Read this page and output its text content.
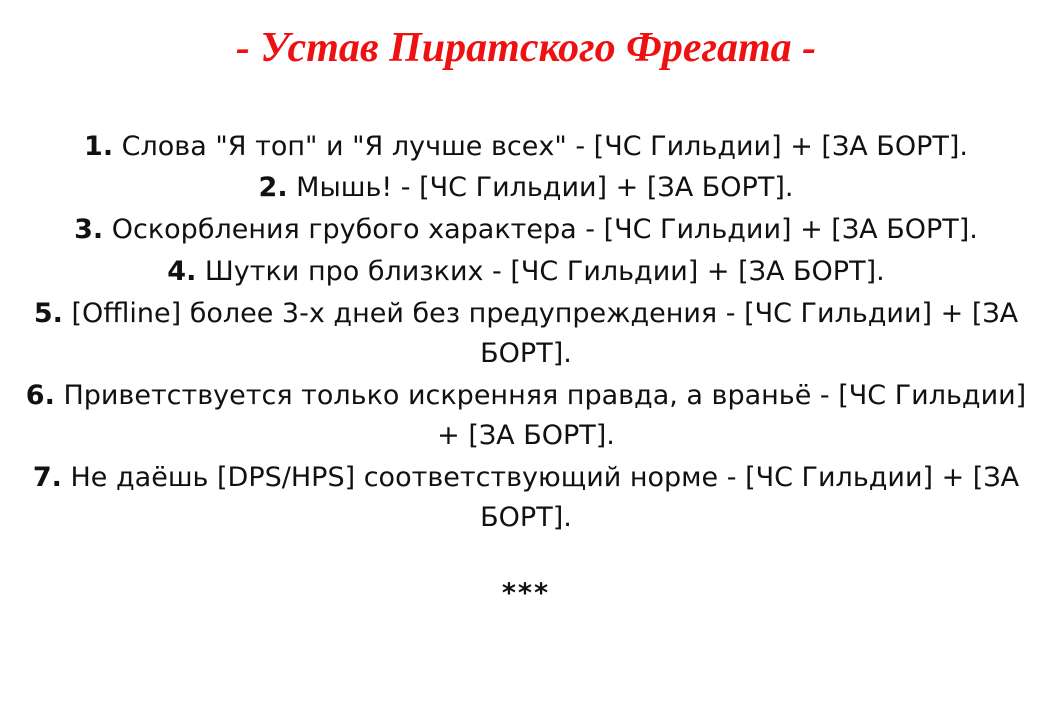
- Устав Пиратского Фрегата -
1. Слова "Я топ" и "Я лучше всех" - [ЧС Гильдии] + [ЗА БОРТ].
2. Мышь! - [ЧС Гильдии] + [ЗА БОРТ].
3. Оскорбления грубого характера - [ЧС Гильдии] + [ЗА БОРТ].
4. Шутки про близких - [ЧС Гильдии] + [ЗА БОРТ].
5. [Offline] более 3-х дней без предупреждения - [ЧС Гильдии] + [ЗА БОРТ].
6. Приветствуется только искренняя правда, а враньё - [ЧС Гильдии] + [ЗА БОРТ].
7. Не даёшь [DPS/HPS] соответствующий норме - [ЧС Гильдии] + [ЗА БОРТ].
***
